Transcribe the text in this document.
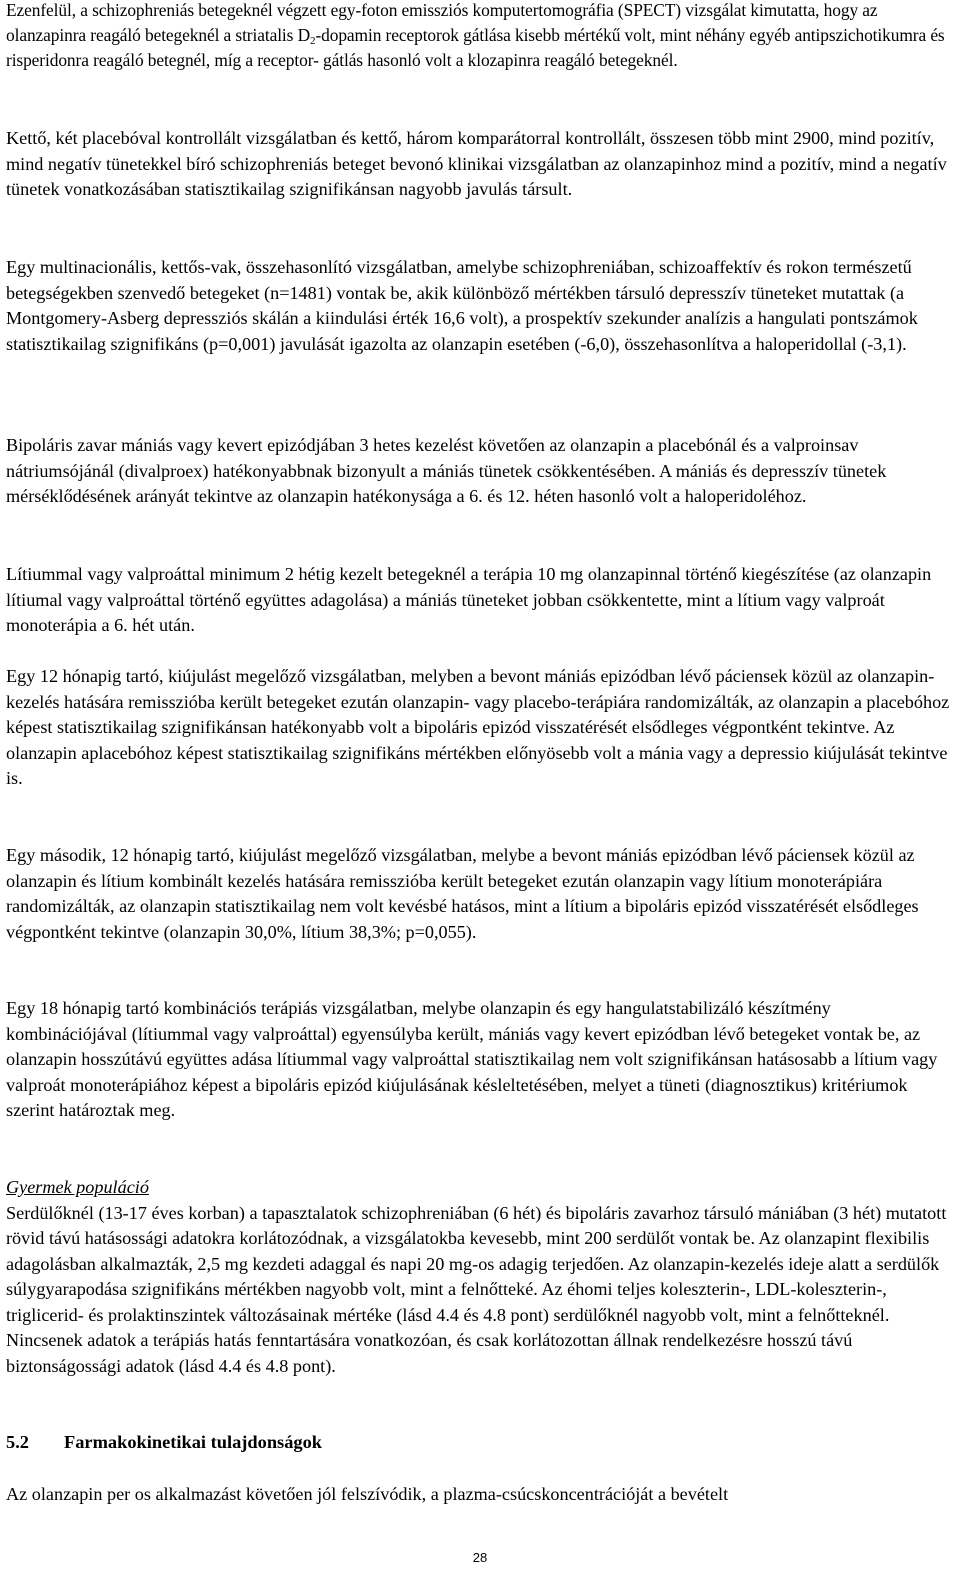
Ezenfelül, a schizophreniás betegeknél végzett egy-foton emissziós komputertomográfia (SPECT) vizsgálat kimutatta, hogy az olanzapinra reagáló betegeknél a striatalis $D_2$-dopamin receptorok gátlása kisebb mértékű volt, mint néhány egyéb antipszichotikumra és risperidonra reagáló betegnél, míg a receptor- gátlás hasonló volt a klozapinra reagáló betegeknél.

Kettő, két placebóval kontrollált vizsgálatban és kettő, három komparátorral kontrollált, összesen több mint 2900, mind pozitív, mind negatív tünetekkel bíró schizophreniás beteget bevonó klinikai vizsgálatban az olanzapinhoz mind a pozitív, mind a negatív tünetek vonatkozásában statisztikailag szignifikánsan nagyobb javulás társult.

Egy multinacionális, kettős-vak, összehasonlító vizsgálatban, amelybe schizophreniában, schizoaffektív és rokon természetű betegségekben szenvedő betegeket (n=1481) vontak be, akik különböző mértékben társuló depresszív tüneteket mutattak (a Montgomery-Asberg depressziós skálán a kiindulási érték 16,6 volt), a prospektív szekunder analízis a hangulati pontszámok statisztikailag szignifikáns (p=0,001) javulását igazolta az olanzapin esetében (-6,0), összehasonlítva a haloperidollal (-3,1).

Bipoláris zavar mániás vagy kevert epizódjában 3 hetes kezelést követően az olanzapin a placebónál és a valproinsav nátriumsójánál (divalproex) hatékonyabbnak bizonyult a mániás tünetek csökkentésében. A mániás és depresszív tünetek mérséklődésének arányát tekintve az olanzapin hatékonysága a 6. és 12. héten hasonló volt a haloperidoléhoz.

Lítiummal vagy valproáttal minimum 2 hétig kezelt betegeknél a terápia 10 mg olanzapinnal történő kiegészítése (az olanzapin lítiumal vagy valproáttal történő együttes adagolása) a mániás tüneteket jobban csökkentette, mint a lítium vagy valproát monoterápia a 6. hét után.

Egy 12 hónapig tartó, kiújulást megelőző vizsgálatban, melyben a bevont mániás epizódban lévő páciensek közül az olanzapin-kezelés hatására remisszióba került betegeket ezután olanzapin- vagy placebo-terápiára randomizálták, az olanzapin a placebóhoz képest statisztikailag szignifikánsan hatékonyabb volt a bipoláris epizód visszatérését elsődleges végpontként tekintve. Az olanzapin aplacebóhoz képest statisztikailag szignifikáns mértékben előnyösebb volt a mánia vagy a depressio kiújulását tekintve is.

Egy második, 12 hónapig tartó, kiújulást megelőző vizsgálatban, melybe a bevont mániás epizódban lévő páciensek közül az olanzapin és lítium kombinált kezelés hatására remisszióba került betegeket ezután olanzapin vagy lítium monoterápiára randomizálták, az olanzapin statisztikailag nem volt kevésbé hatásos, mint a lítium a bipoláris epizód visszatérését elsődleges végpontként tekintve (olanzapin 30,0%, lítium 38,3%; p=0,055).

Egy 18 hónapig tartó kombinációs terápiás vizsgálatban, melybe olanzapin és egy hangulatstabilizáló készítmény kombinációjával (lítiummal vagy valproáttal) egyensúlyba került, mániás vagy kevert epizódban lévő betegeket vontak be, az olanzapin hosszútávú együttes adása lítiummal vagy valproáttal statisztikailag nem volt szignifikánsan hatásosabb a lítium vagy valproát monoterápiához képest a bipoláris epizód kiújulásának késleltetésében, melyet a tüneti (diagnosztikus) kritériumok szerint határoztak meg.

Gyermek populáció
Serdülőknél (13-17 éves korban) a tapasztalatok schizophreniában (6 hét) és bipoláris zavarhoz társuló mániában (3 hét) mutatott rövid távú hatásossági adatokra korlátozódnak, a vizsgálatokba kevesebb, mint 200 serdülőt vontak be. Az olanzapint flexibilis adagolásban alkalmazták, 2,5 mg kezdeti adaggal és napi 20 mg-os adagig terjedően. Az olanzapin-kezelés ideje alatt a serdülők súlygyarapodása szignifikáns mértékben nagyobb volt, mint a felnőtteké. Az éhomi teljes koleszterin-, LDL-koleszterin-, triglicerid- és prolaktinszintek változásainak mértéke (lásd 4.4 és 4.8 pont) serdülőknél nagyobb volt, mint a felnőtteknél. Nincsenek adatok a terápiás hatás fenntartására vonatkozóan, és csak korlátozottan állnak rendelkezésre hosszú távú biztonságossági adatok (lásd 4.4 és 4.8 pont).

5.2 Farmakokinetikai tulajdonságok

Az olanzapin per os alkalmazást követően jól felszívódik, a plazma-csúcskoncentrációját a bevételt

28
